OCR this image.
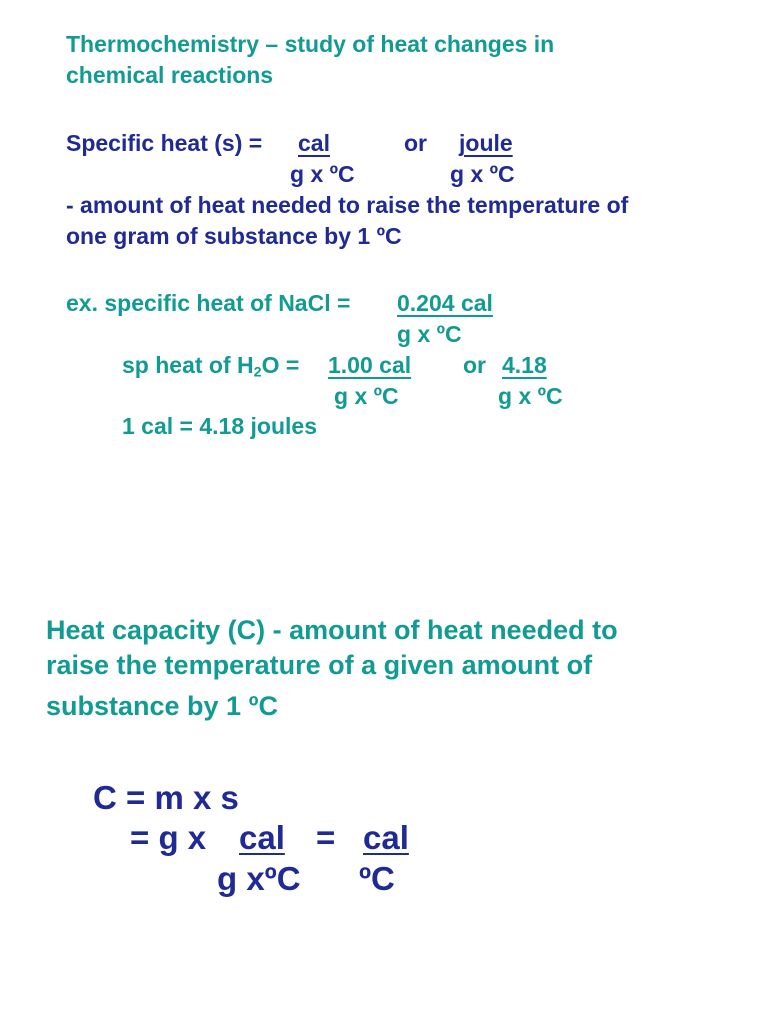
Thermochemistry – study of heat changes in
chemical reactions
Specific heat (s) = cal	or joule
g x ºC	g x ºC
- amount of heat needed to raise the temperature of
one gram of substance by 1 ºC
ex. specific heat of NaCl = 0.204 cal
g x ºC
sp heat of $H_2O = 1.00$ cal or 4.18
g x ºC	g x ºC
1 cal = 4.18 joules
Heat capacity (C) - amount of heat needed to
raise the temperature of a given amount of
substance by 1 ºC
C = m x s
= g x cal = cal
g xºC ºC
